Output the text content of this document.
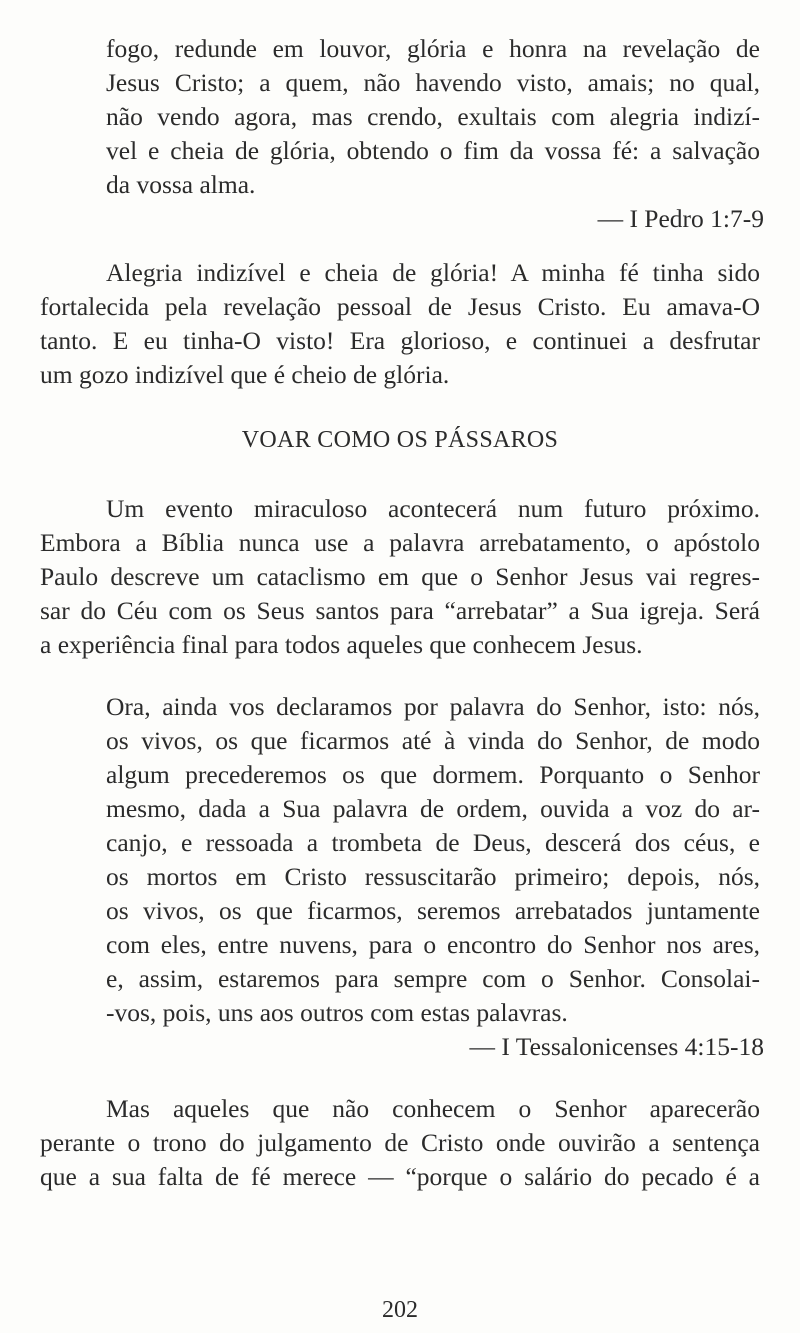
fogo, redunde em louvor, glória e honra na revelação de
Jesus Cristo; a quem, não havendo visto, amais; no qual,
não vendo agora, mas crendo, exultais com alegria indizí-
vel e cheia de glória, obtendo o fim da vossa fé: a salvação
da vossa alma.
— I Pedro 1:7-9
Alegria indizível e cheia de glória! A minha fé tinha sido
fortalecida pela revelação pessoal de Jesus Cristo. Eu amava-O
tanto. E eu tinha-O visto! Era glorioso, e continuei a desfrutar
um gozo indizível que é cheio de glória.
VOAR COMO OS PÁSSAROS
Um evento miraculoso acontecerá num futuro próximo.
Embora a Bíblia nunca use a palavra arrebatamento, o apóstolo
Paulo descreve um cataclismo em que o Senhor Jesus vai regres-
sar do Céu com os Seus santos para “arrebatar” a Sua igreja. Será
a experiência final para todos aqueles que conhecem Jesus.
Ora, ainda vos declaramos por palavra do Senhor, isto: nós,
os vivos, os que ficarmos até à vinda do Senhor, de modo
algum precederemos os que dormem. Porquanto o Senhor
mesmo, dada a Sua palavra de ordem, ouvida a voz do ar-
canjo, e ressoada a trombeta de Deus, descerá dos céus, e
os mortos em Cristo ressuscitarão primeiro; depois, nós,
os vivos, os que ficarmos, seremos arrebatados juntamente
com eles, entre nuvens, para o encontro do Senhor nos ares,
e, assim, estaremos para sempre com o Senhor. Consolai-
-vos, pois, uns aos outros com estas palavras.
— I Tessalonicenses 4:15-18
Mas aqueles que não conhecem o Senhor aparecerão
perante o trono do julgamento de Cristo onde ouvirão a sentença
que a sua falta de fé merece — “porque o salário do pecado é a
202
